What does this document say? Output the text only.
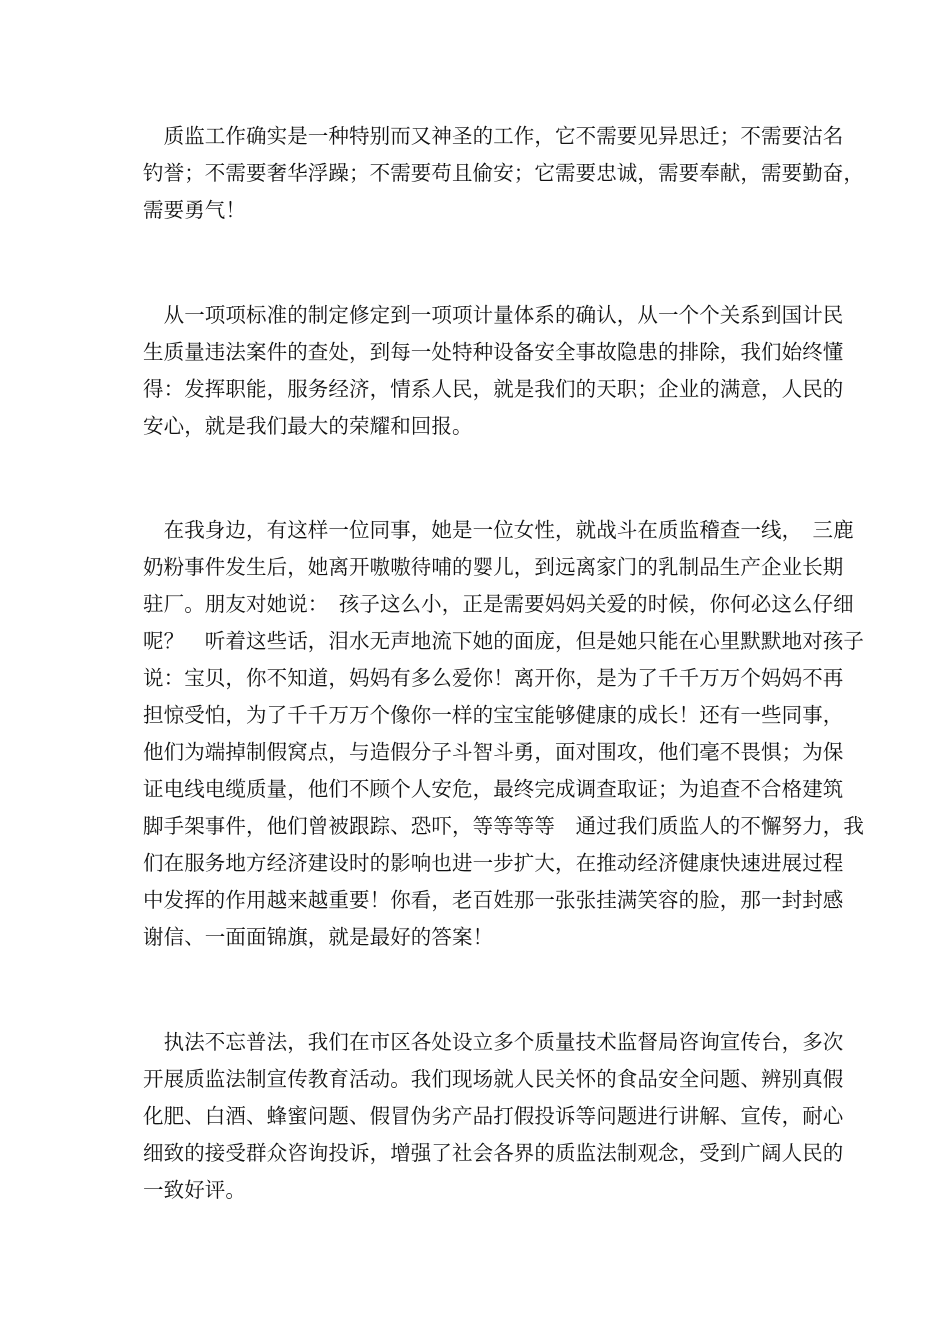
　质监工作确实是一种特别而又神圣的工作，它不需要见异思迁；不需要沽名
钓誉；不需要奢华浮躁；不需要苟且偷安；它需要忠诚，需要奉献，需要勤奋，
需要勇气！
　从一项项标准的制定修定到一项项计量体系的确认，从一个个关系到国计民
生质量违法案件的查处，到每一处特种设备安全事故隐患的排除，我们始终懂
得：发挥职能，服务经济，情系人民，就是我们的天职；企业的满意，人民的
安心，就是我们最大的荣耀和回报。
　在我身边，有这样一位同事，她是一位女性，就战斗在质监稽查一线，　三鹿
奶粉事件发生后，她离开嗷嗷待哺的婴儿，到远离家门的乳制品生产企业长期
驻厂。朋友对她说：　孩子这么小，正是需要妈妈关爱的时候，你何必这么仔细
呢？　听着这些话，泪水无声地流下她的面庞，但是她只能在心里默默地对孩子
说：宝贝，你不知道，妈妈有多么爱你！离开你，是为了千千万万个妈妈不再
担惊受怕，为了千千万万个像你一样的宝宝能够健康的成长！还有一些同事，
他们为端掉制假窝点，与造假分子斗智斗勇，面对围攻，他们毫不畏惧；为保
证电线电缆质量，他们不顾个人安危，最终完成调查取证；为追查不合格建筑
脚手架事件，他们曾被跟踪、恐吓，等等等等　通过我们质监人的不懈努力，我
们在服务地方经济建设时的影响也进一步扩大，在推动经济健康快速进展过程
中发挥的作用越来越重要！你看，老百姓那一张张挂满笑容的脸，那一封封感
谢信、一面面锦旗，就是最好的答案！
　执法不忘普法，我们在市区各处设立多个质量技术监督局咨询宣传台，多次
开展质监法制宣传教育活动。我们现场就人民关怀的食品安全问题、辨别真假
化肥、白酒、蜂蜜问题、假冒伪劣产品打假投诉等问题进行讲解、宣传，耐心
细致的接受群众咨询投诉，增强了社会各界的质监法制观念，受到广阔人民的
一致好评。
